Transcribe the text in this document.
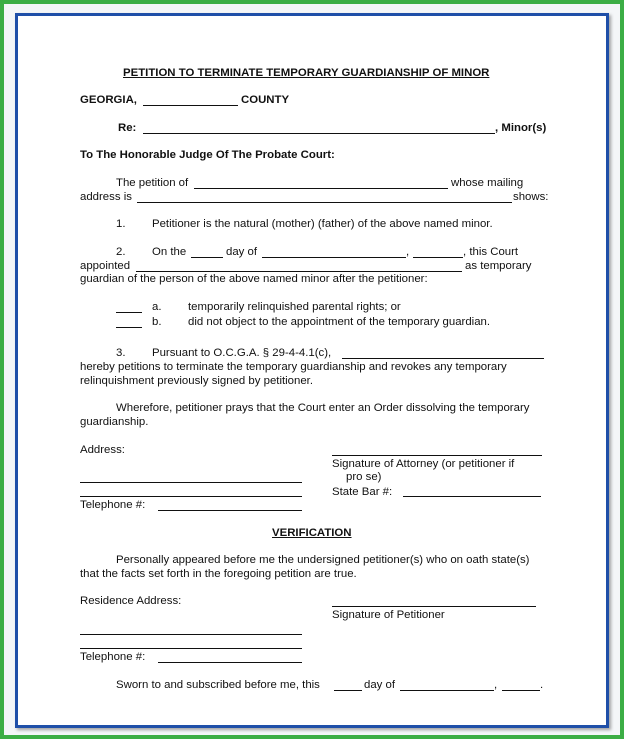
PETITION TO TERMINATE TEMPORARY GUARDIANSHIP OF MINOR
GEORGIA,	COUNTY
Re:	, Minor(s)
To The Honorable Judge Of The Probate Court:
The petition of	whose mailing
address is	shows:
1. Petitioner is the natural (mother) (father) of the above named minor.
2. On the	day of	,	, this Court
appointed	as temporary
guardian of the person of the above named minor after the petitioner:
a. temporarily relinquished parental rights; or
b. did not object to the appointment of the temporary guardian.
3. Pursuant to O.C.G.A. § 29-4-4.1(c),
hereby petitions to terminate the temporary guardianship and revokes any temporary
relinquishment previously signed by petitioner.
Wherefore, petitioner prays that the Court enter an Order dissolving the temporary
guardianship.
Address:
Signature of Attorney (or petitioner if
pro se)
State Bar #:
Telephone #:
VERIFICATION
Personally appeared before me the undersigned petitioner(s) who on oath state(s)
that the facts set forth in the foregoing petition are true.
Residence Address:
Signature of Petitioner
Telephone #:
Sworn to and subscribed before me, this	day of	,	.
